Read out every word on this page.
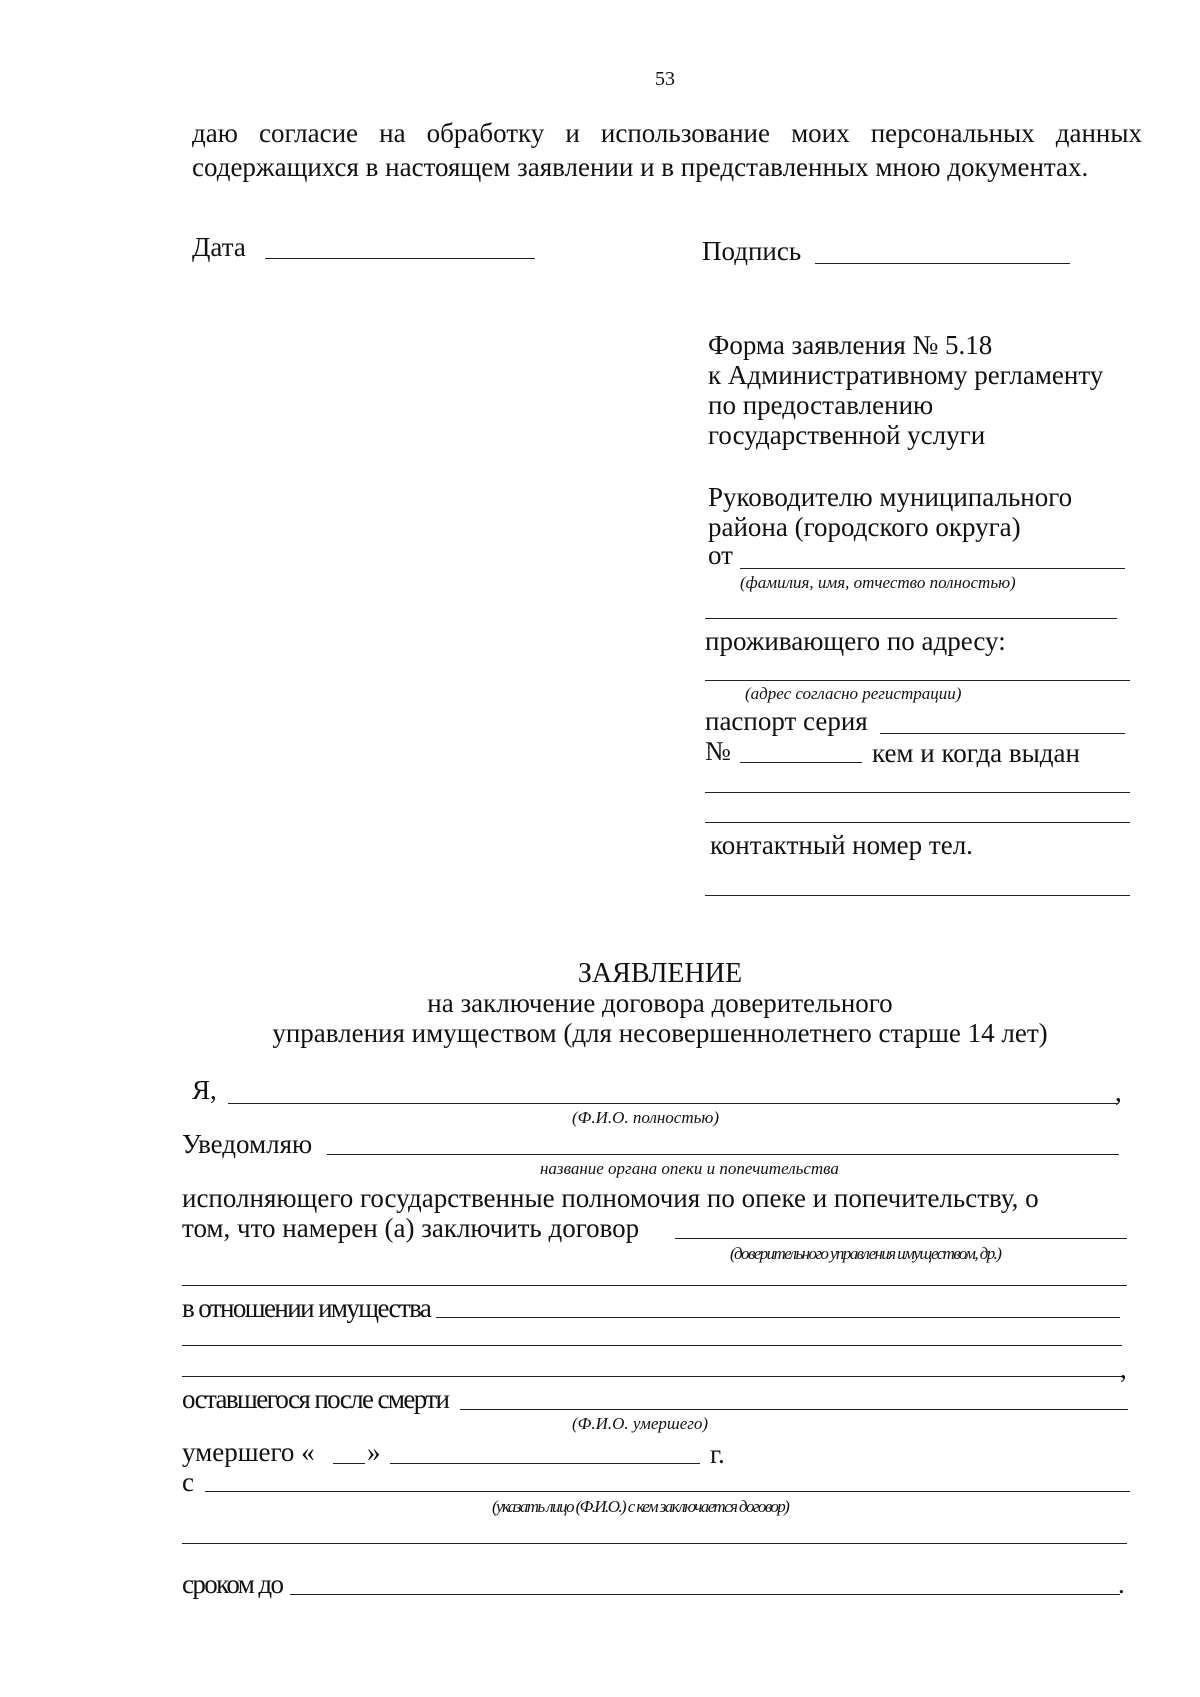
53
даю согласие на обработку и использование моих персональных данных
содержащихся в настоящем заявлении и в представленных мною документах.
Дата	Подпись
Форма заявления № 5.18
к Административному регламенту
по предоставлению
государственной услуги
Руководителю муниципального
района (городского округа)
от
(фамилия, имя, отчество полностью)
проживающего по адресу:
(адрес согласно регистрации)
паспорт серия
№	кем и когда выдан
контактный номер тел.
ЗАЯВЛЕНИЕ
на заключение договора доверительного
управления имуществом (для несовершеннолетнего старше 14 лет)
Я,	,
(Ф.И.О. полностью)
Уведомляю
название органа опеки и попечительства
исполняющего государственные полномочия по опеке и попечительству, о
том, что намерен (а) заключить договор
(доверительного управления имуществом, др.)
в отношении имущества
,
оставшегося после смерти
(Ф.И.О. умершего)
умершего « »	г.
с
(указать лицо (Ф.И.О.) с кем заключается договор)
сроком до	.
